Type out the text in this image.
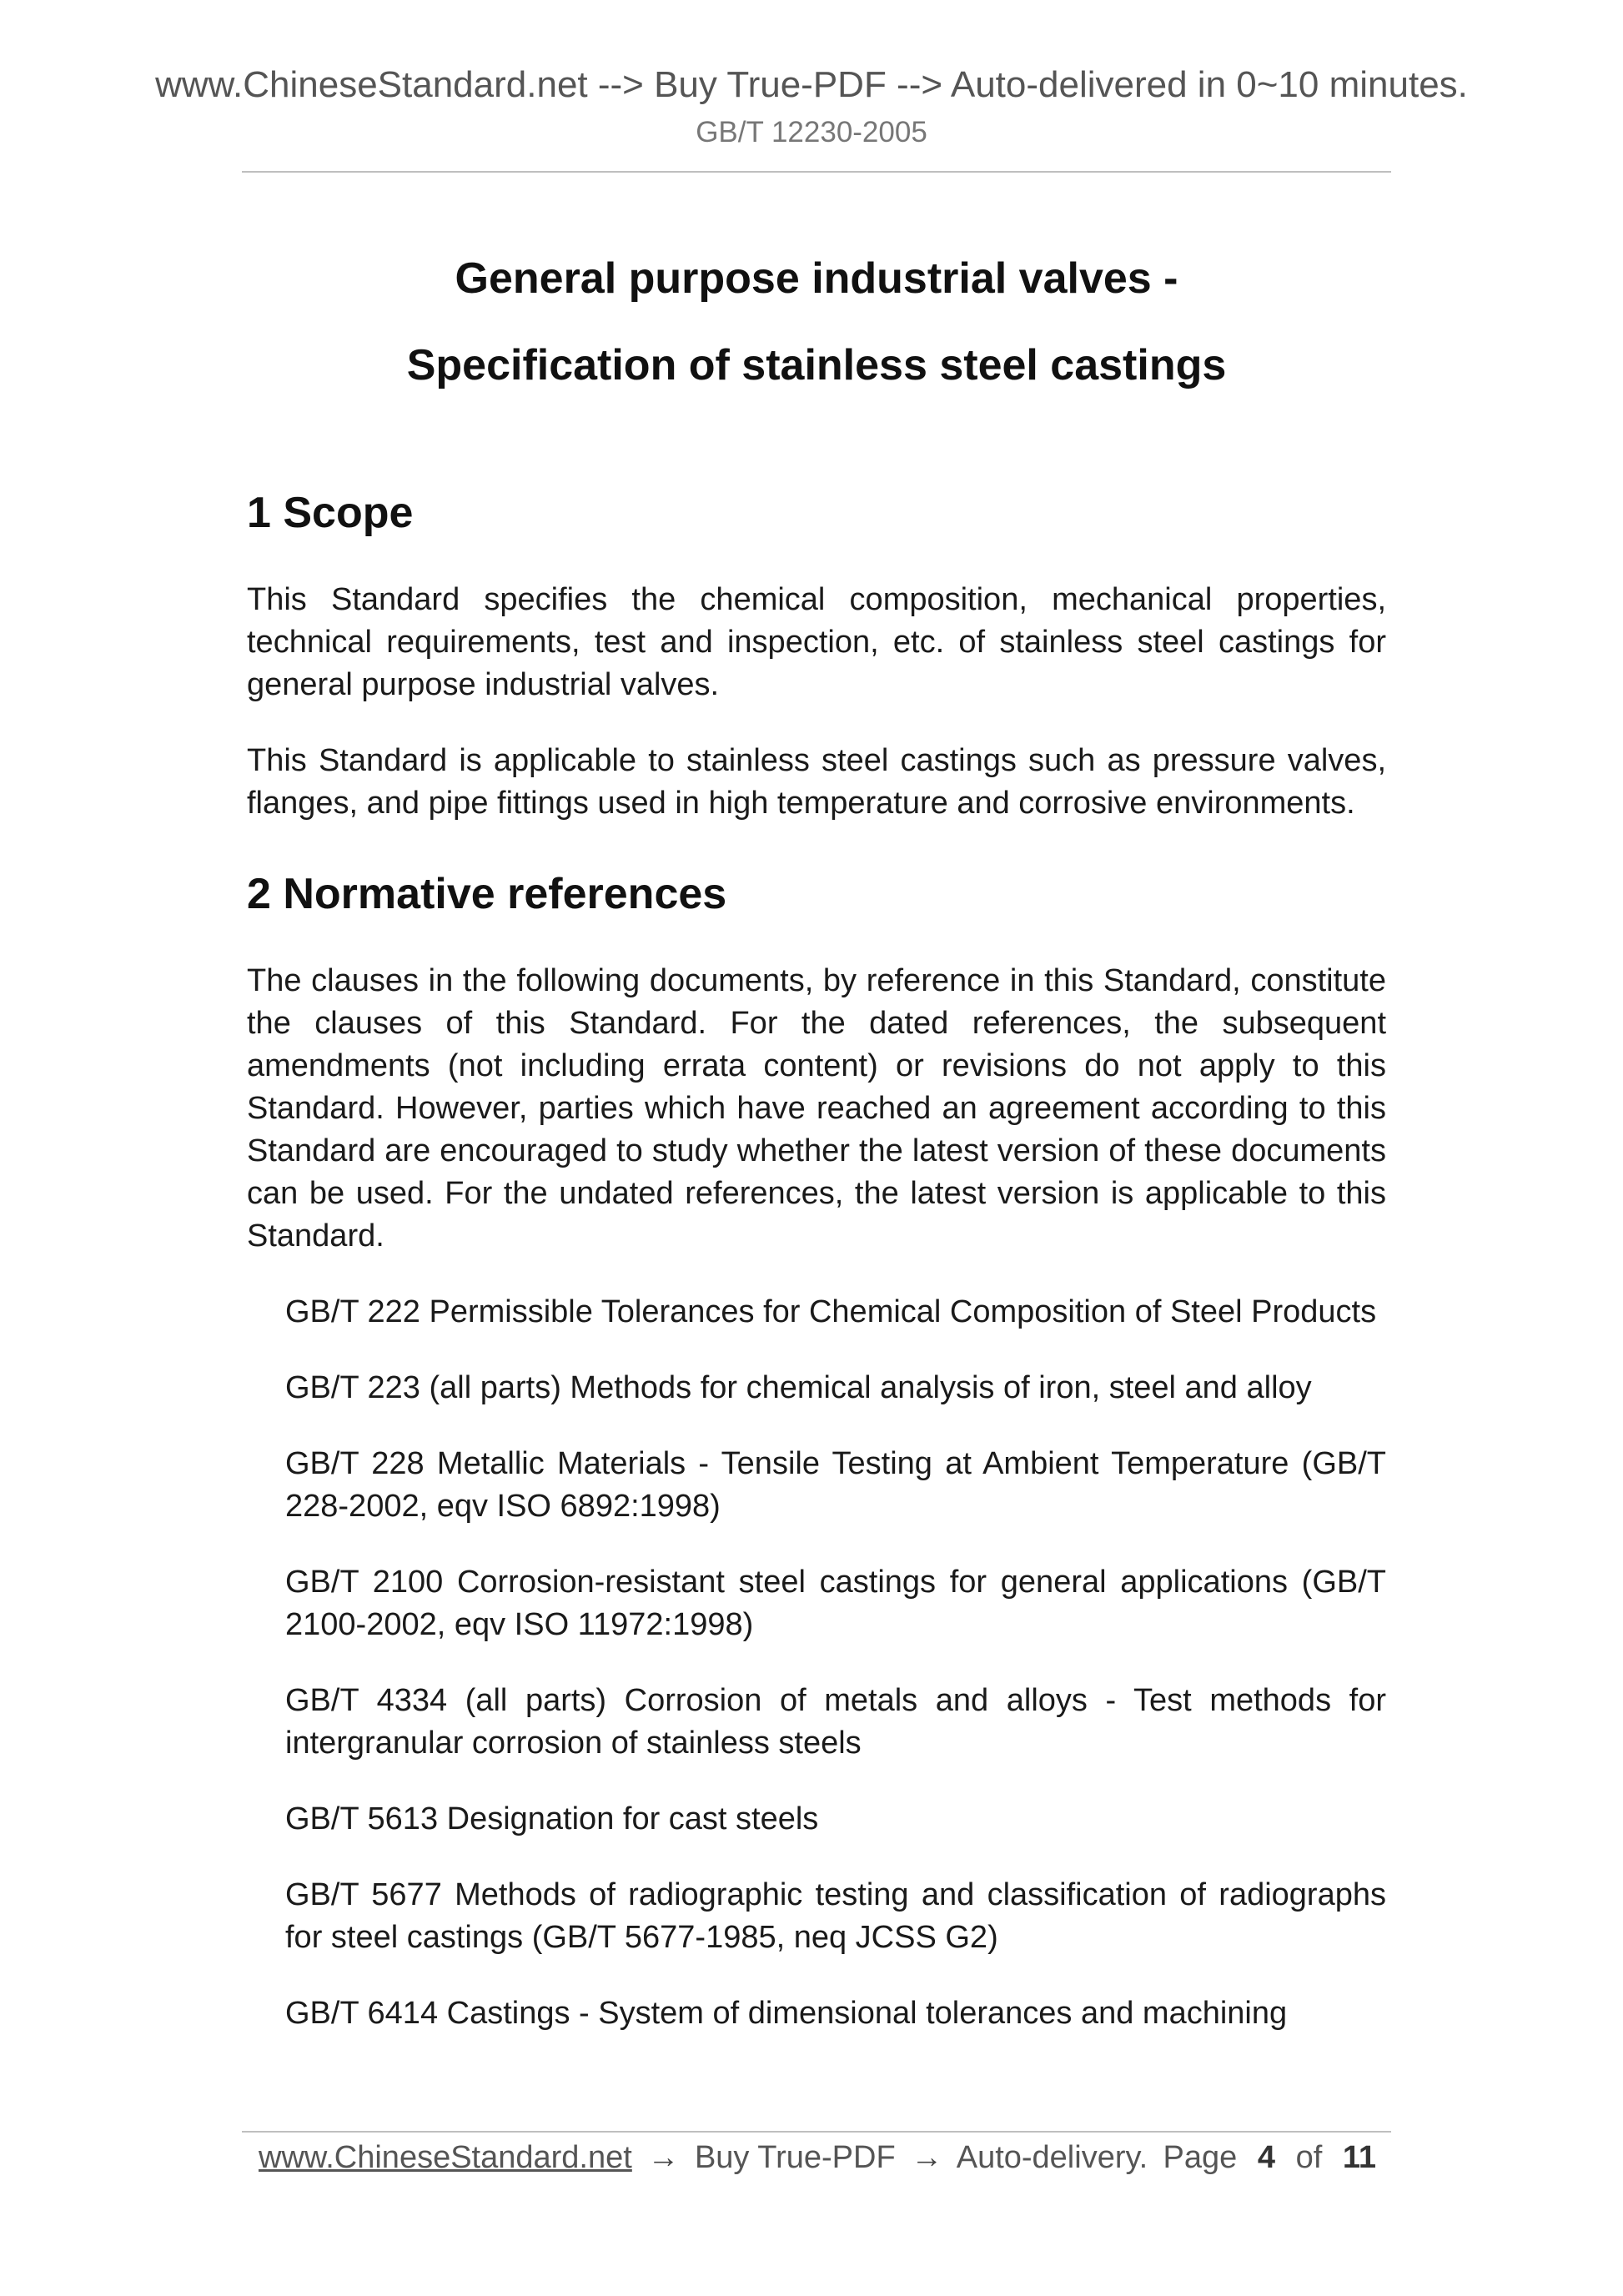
www.ChineseStandard.net --> Buy True-PDF --> Auto-delivered in 0~10 minutes.
GB/T 12230-2005
General purpose industrial valves -
Specification of stainless steel castings
1 Scope

This Standard specifies the chemical composition, mechanical properties, technical requirements, test and inspection, etc. of stainless steel castings for general purpose industrial valves.

This Standard is applicable to stainless steel castings such as pressure valves, flanges, and pipe fittings used in high temperature and corrosive environments.

2 Normative references

The clauses in the following documents, by reference in this Standard, constitute the clauses of this Standard. For the dated references, the subsequent amendments (not including errata content) or revisions do not apply to this Standard. However, parties which have reached an agreement according to this Standard are encouraged to study whether the latest version of these documents can be used. For the undated references, the latest version is applicable to this Standard.

GB/T 222 Permissible Tolerances for Chemical Composition of Steel Products
GB/T 223 (all parts) Methods for chemical analysis of iron, steel and alloy
GB/T 228 Metallic Materials - Tensile Testing at Ambient Temperature (GB/T 228-2002, eqv ISO 6892:1998)
GB/T 2100 Corrosion-resistant steel castings for general applications (GB/T 2100-2002, eqv ISO 11972:1998)
GB/T 4334 (all parts) Corrosion of metals and alloys - Test methods for intergranular corrosion of stainless steels
GB/T 5613 Designation for cast steels
GB/T 5677 Methods of radiographic testing and classification of radiographs for steel castings (GB/T 5677-1985, neq JCSS G2)
GB/T 6414 Castings - System of dimensional tolerances and machining
www.ChineseStandard.net → Buy True-PDF → Auto-delivery. Page 4 of 11
